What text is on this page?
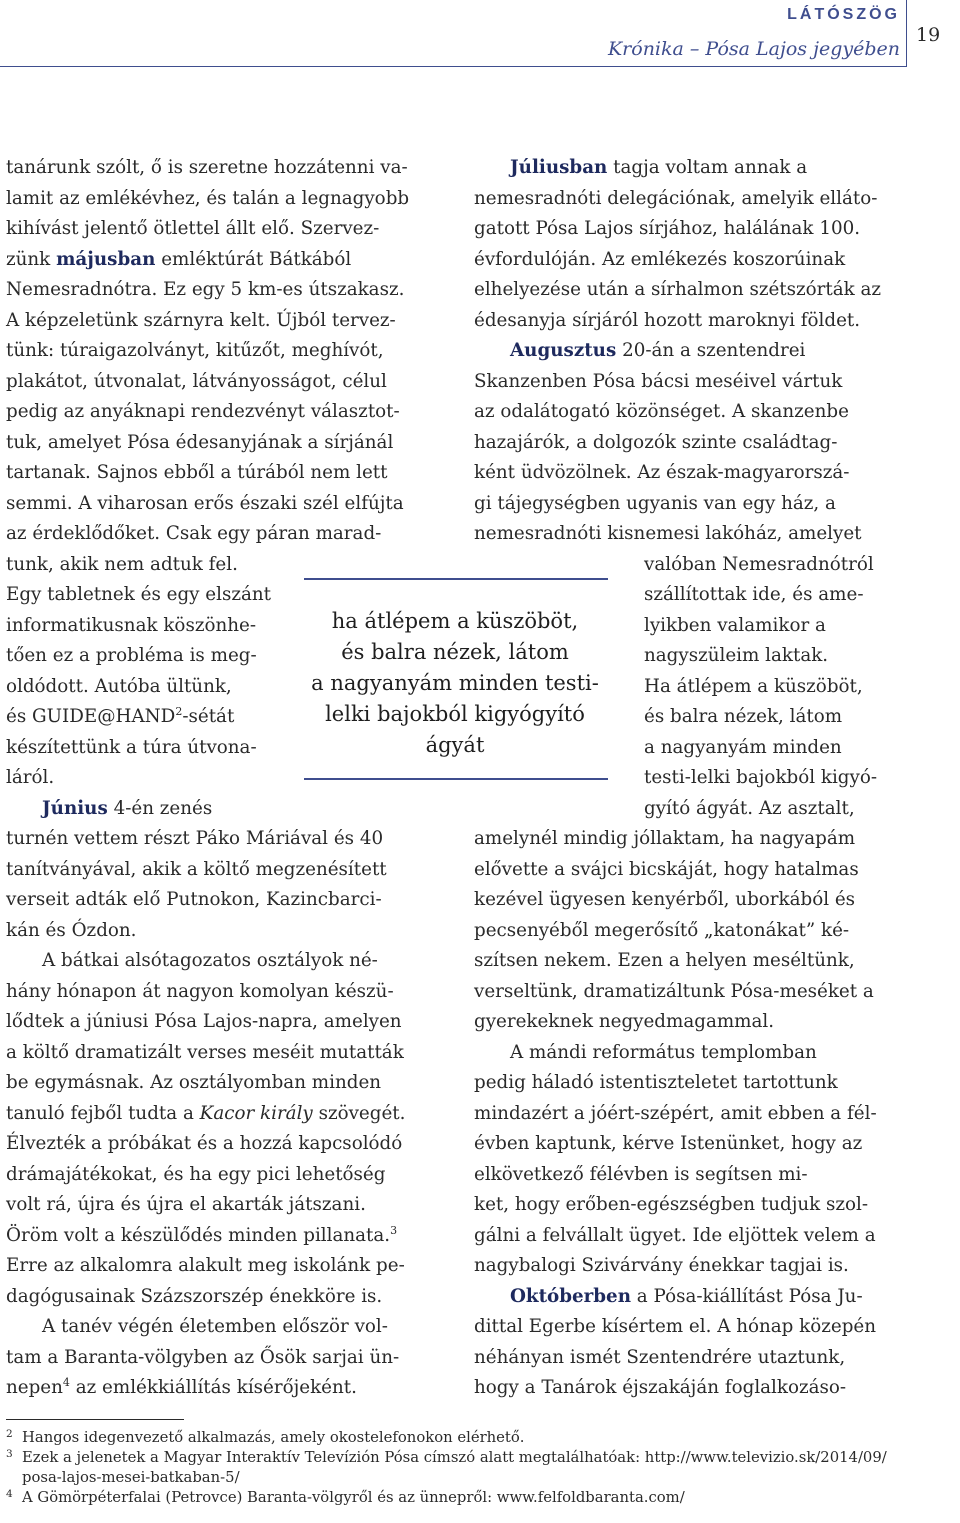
LÁTÓSZÖG
Krónika – Pósa Lajos jegyében
19
tanárunk szólt, ő is szeretne hozzátenni va-
lamit az emlékévhez, és talán a legnagyobb
kihívást jelentő ötlettel állt elő. Szervez-
zünk májusban emléktúrát Bátkából
Nemesradnótra. Ez egy 5 km-es útszakasz.
A képzeletünk szárnyra kelt. Újból tervez-
tünk: túraigazolványt, kitűzőt, meghívót,
plakátot, útvonalat, látványosságot, célul
pedig az anyáknapi rendezvényt választot-
tuk, amelyet Pósa édesanyjának a sírjánál
tartanak. Sajnos ebből a túrából nem lett
semmi. A viharosan erős északi szél elfújta
az érdeklődőket. Csak egy páran marad-
tunk, akik nem adtuk fel.
Egy tabletnek és egy elszánt
informatikusnak köszönhe-
tően ez a probléma is meg-
oldódott. Autóba ültünk,
és GUIDE@HAND$^2$-sétát
készítettünk a túra útvona-
láról.
Június 4-én zenés
turnén vettem részt Páko Máriával és 40
tanítványával, akik a költő megzenésített
verseit adták elő Putnokon, Kazincbarci-
kán és Ózdon.
A bátkai alsótagozatos osztályok né-
hány hónapon át nagyon komolyan készü-
lődtek a júniusi Pósa Lajos-napra, amelyen
a költő dramatizált verses meséit mutatták
be egymásnak. Az osztályomban minden
tanuló fejből tudta a Kacor király szövegét.
Élvezték a próbákat és a hozzá kapcsolódó
drámajátékokat, és ha egy pici lehetőség
volt rá, újra és újra el akarták játszani.
Öröm volt a készülődés minden pillanata.$^3$
Erre az alkalomra alakult meg iskolánk pe-
dagógusainak Százszorszép énekköre is.
A tanév végén életemben először vol-
tam a Baranta-völgyben az Ősök sarjai ün-
nepen$^4$ az emlékkiállítás kísérőjeként.
ha átlépem a küszöböt,
és balra nézek, látom
a nagyanyám minden testi-
lelki bajokból kigyógyító
ágyát
Júliusban tagja voltam annak a
nemesradnóti delegációnak, amelyik elláto-
gatott Pósa Lajos sírjához, halálának 100.
évfordulóján. Az emlékezés koszorúinak
elhelyezése után a sírhalmon szétszórták az
édesanyja sírjáról hozott maroknyi földet.
Augusztus 20-án a szentendrei
Skanzenben Pósa bácsi meséivel vártuk
az odalátogató közönséget. A skanzenbe
hazajárók, a dolgozók szinte családtag-
ként üdvözölnek. Az észak-magyarorszá-
gi tájegységben ugyanis van egy ház, a
nemesradnóti kisnemesi lakóház, amelyet
valóban Nemesradnótról
szállítottak ide, és ame-
lyikben valamikor a
nagyszüleim laktak.
Ha átlépem a küszöböt,
és balra nézek, látom
a nagyanyám minden
testi-lelki bajokból kigyó-
gyító ágyát. Az asztalt,
amelynél mindig jóllaktam, ha nagyapám
elővette a svájci bicskáját, hogy hatalmas
kezével ügyesen kenyérből, uborkából és
pecsenyéből megerősítő „katonákat” ké-
szítsen nekem. Ezen a helyen meséltünk,
verseltünk, dramatizáltunk Pósa-meséket a
gyerekeknek negyedmagammal.
A mándi református templomban
pedig háladó istentiszteletet tartottunk
mindazért a jóért-szépért, amit ebben a fél-
évben kaptunk, kérve Istenünket, hogy az
elkövetkező félévben is segítsen mi-
ket, hogy erőben-egészségben tudjuk szol-
gálni a felvállalt ügyet. Ide eljöttek velem a
nagybalogi Szivárvány énekkar tagjai is.
Októberben a Pósa-kiállítást Pósa Ju-
dittal Egerbe kísértem el. A hónap közepén
néhányan ismét Szentendrére utaztunk,
hogy a Tanárok éjszakáján foglalkozáso-
2 Hangos idegenvezető alkalmazás, amely okostelefonokon elérhető.
3 Ezek a jelenetek a Magyar Interaktív Televízión Pósa címszó alatt megtalálhatóak: http://www.televizio.sk/2014/09/
posa-lajos-mesei-batkaban-5/
4 A Gömörpéterfalai (Petrovce) Baranta-völgyről és az ünnepről: www.felfoldbaranta.com/
